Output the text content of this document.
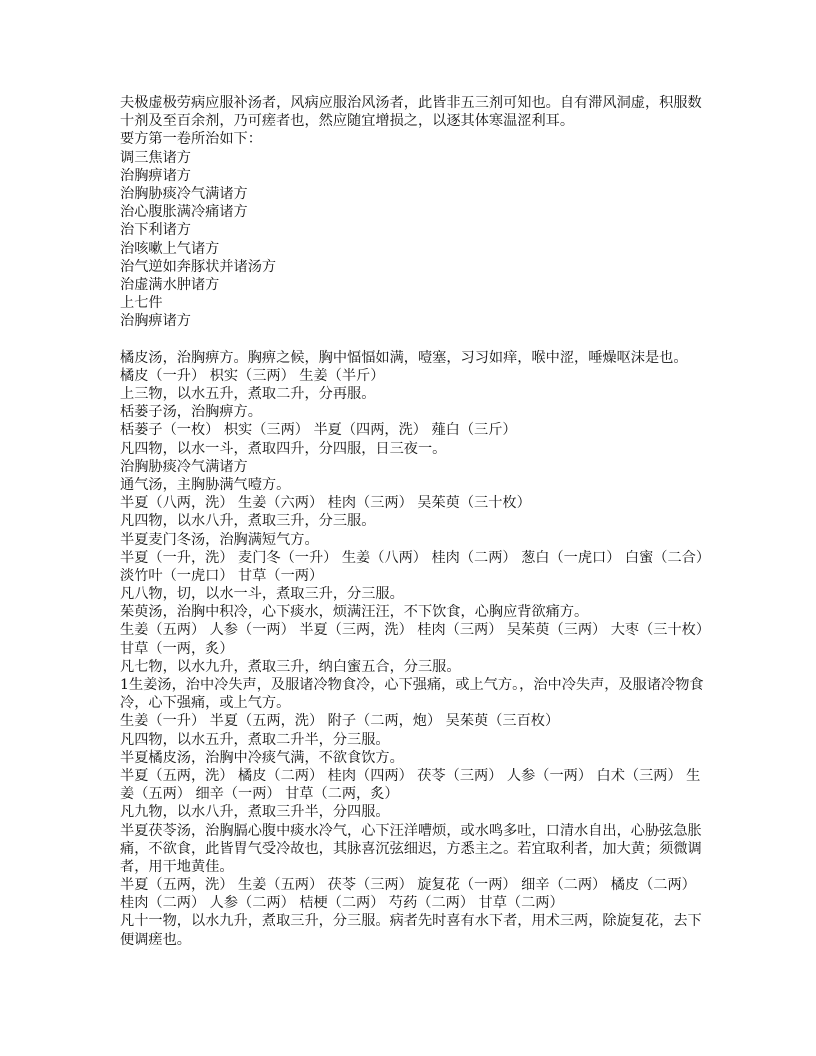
夫极虚极劳病应服补汤者，风病应服治风汤者，此皆非五三剂可知也。自有滞风洞虚，积服数
十剂及至百余剂，乃可瘥者也，然应随宜增损之，以逐其体寒温涩利耳。
要方第一卷所治如下：
调三焦诸方
治胸痹诸方
治胸胁痰冷气满诸方
治心腹胀满冷痛诸方
治下利诸方
治咳嗽上气诸方
治气逆如奔豚状并诸汤方
治虚满水肿诸方
上七件
治胸痹诸方
橘皮汤，治胸痹方。胸痹之候，胸中愊愊如满，噎塞，习习如痒，喉中涩，唾燥呕沫是也。
橘皮（一升） 枳实（三两） 生姜（半斤）
上三物，以水五升，煮取二升，分再服。
栝蒌子汤，治胸痹方。
栝蒌子（一枚） 枳实（三两） 半夏（四两，洗） 薤白（三斤）
凡四物，以水一斗，煮取四升，分四服，日三夜一。
治胸胁痰冷气满诸方
通气汤，主胸胁满气噎方。
半夏（八两，洗） 生姜（六两） 桂肉（三两） 吴茱萸（三十枚）
凡四物，以水八升，煮取三升，分三服。
半夏麦门冬汤，治胸满短气方。
半夏（一升，洗） 麦门冬（一升） 生姜（八两） 桂肉（二两） 葱白（一虎口） 白蜜（二合）
淡竹叶（一虎口） 甘草（一两）
凡八物，切，以水一斗，煮取三升，分三服。
茱萸汤，治胸中积冷，心下痰水，烦满汪汪，不下饮食，心胸应背欲痛方。
生姜（五两） 人参（一两） 半夏（三两，洗） 桂肉（三两） 吴茱萸（三两） 大枣（三十枚）
甘草（一两，炙）
凡七物，以水九升，煮取三升，纳白蜜五合，分三服。
1生姜汤，治中冷失声，及服诸冷物食冷，心下强痛，或上气方。，治中冷失声，及服诸冷物食
冷，心下强痛，或上气方。
生姜（一升） 半夏（五两，洗） 附子（二两，炮） 吴茱萸（三百枚）
凡四物，以水五升，煮取二升半，分三服。
半夏橘皮汤，治胸中冷痰气满，不欲食饮方。
半夏（五两，洗） 橘皮（二两） 桂肉（四两） 茯苓（三两） 人参（一两） 白术（三两） 生
姜（五两） 细辛（一两） 甘草（二两，炙）
凡九物，以水八升，煮取三升半，分四服。
半夏茯苓汤，治胸膈心腹中痰水冷气，心下汪洋嘈烦，或水鸣多吐，口清水自出，心胁弦急胀
痛，不欲食，此皆胃气受冷故也，其脉喜沉弦细迟，方悉主之。若宜取利者，加大黄；须微调
者，用干地黄佳。
半夏（五两，洗） 生姜（五两） 茯苓（三两） 旋复花（一两） 细辛（二两） 橘皮（二两）
桂肉（二两） 人参（二两） 桔梗（二两） 芍药（二两） 甘草（二两）
凡十一物，以水九升，煮取三升，分三服。病者先时喜有水下者，用术三两，除旋复花，去下
便调瘥也。
